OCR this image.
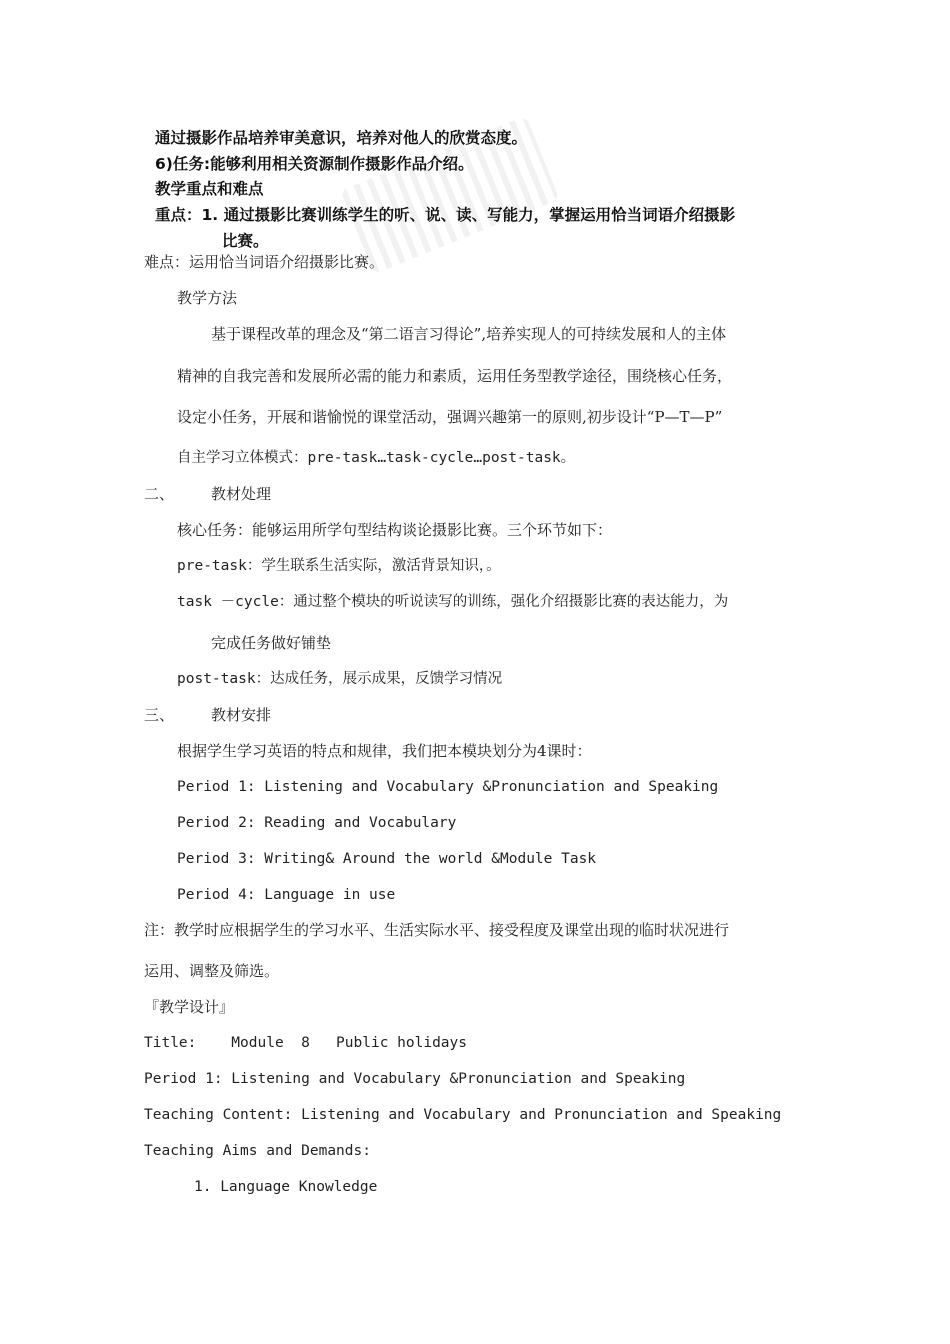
通过摄影作品培养审美意识，培养对他人的欣赏态度。
6)任务:能够利用相关资源制作摄影作品介绍。
教学重点和难点
重点：1. 通过摄影比赛训练学生的听、说、读、写能力，掌握运用恰当词语介绍摄影
比赛。
难点：运用恰当词语介绍摄影比赛。
教学方法
基于课程改革的理念及“第二语言习得论”,培养实现人的可持续发展和人的主体
精神的自我完善和发展所必需的能力和素质，运用任务型教学途径，围绕核心任务，
设定小任务，开展和谐愉悦的课堂活动，强调兴趣第一的原则,初步设计“P—T—P”
自主学习立体模式：pre-task…task-cycle…post-task。
二、 教材处理
核心任务：能够运用所学句型结构谈论摄影比赛。三个环节如下：
pre-task：学生联系生活实际，激活背景知识，。
task －cycle：通过整个模块的听说读写的训练，强化介绍摄影比赛的表达能力，为
完成任务做好铺垫
post-task：达成任务，展示成果，反馈学习情况
三、 教材安排
根据学生学习英语的特点和规律，我们把本模块划分为4课时：
Period 1: Listening and Vocabulary &Pronunciation and Speaking
Period 2: Reading and Vocabulary
Period 3: Writing& Around the world &Module Task
Period 4: Language in use
注：教学时应根据学生的学习水平、生活实际水平、接受程度及课堂出现的临时状况进行
运用、调整及筛选。
『教学设计』
Title:    Module  8   Public holidays
Period 1: Listening and Vocabulary &Pronunciation and Speaking
Teaching Content: Listening and Vocabulary and Pronunciation and Speaking
Teaching Aims and Demands:
1. Language Knowledge
